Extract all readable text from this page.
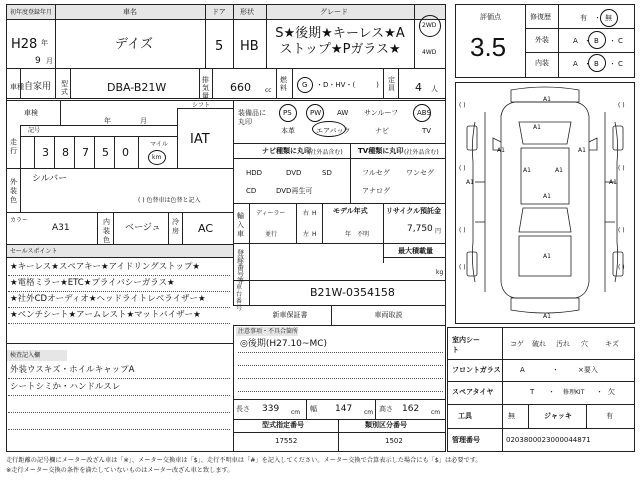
初年度登録年月	車名	ドア 形状	グレード
H28 年
9 月
デイズ	5 HB
S★後期★キーレス★Aストップ★Pガラス★
2WD
4WD
車種 自家用 型式	DBA-B21W
排気量
660 cc
燃料 G ・D・HV・(　　　)
定員 4 人
車検
年	月
シフト
IAT
走行
記号
3 8 7 5 0
マイル
km
外装色
シルバー
( ) 色替車は色替と記入
カラー
A31
内装色
ベージュ
冷房 AC
セールスポイント
★キーレス★スペアキー★アイドリングストップ★
★電格ミラー★ETC★プライバシーガラス★
★社外CDオーディオ★ヘッドライトレベライザー★
★ベンチシート★アームレスト★マットバイザー★
検査記入欄
外装ウスキズ・ホイルキャップA
シートシミか・ハンドルスレ
装備品に丸印
PS	PW AW サンルーフ	ABS
本革	エアバック	ナビ	TV
ナビ種類に丸印
(社外品含む) TV種類に丸印 (社外品含む)
HDD	DVD	SD
CD	DVD再生可
フルセグ ワンセグ
アナログ
輸入車
ディーラー
並行
右 H
左 H
モデル年式
年　不明
リサイクル預託金
7,750 円
最大積載量
登録番号等
kg
車台番号
B21W-0354158
新車保証書	車両取説
注意事項・不具合箇所
◎後期(H27.10~MC)
長さ 339 cm 幅 147 cm 高さ 162 cm
型式指定番号
17552
類別区分番号
1502
評価点
3.5
修復歴	有 ・ 無
外装	A ・ B ・ C
内装	A ・ B ・ C
A1
A1
A1	A1
A1	A1
A1
A1	A1
A1
A1
( )	( )
( )	( )
( )	( )
( )	( )
室内シート
コゲ 破れ 汚れ 穴 キズ
フロントガラス	A	・	×要入
スペアタイヤ	T ・ 修理KIT ・ 欠
工具	無	ジャッキ	有
管理番号	020380002300004487​1
走行距離の記号欄にメーター改ざん車は「※」、メーター交換車は「$」、走行不明車は「#」を記入してください。メーター交換で合算表示した場合にも「$」は必要です。
※走行メーター交換の条件を満たしていないものはメーター改ざん車と致します。
